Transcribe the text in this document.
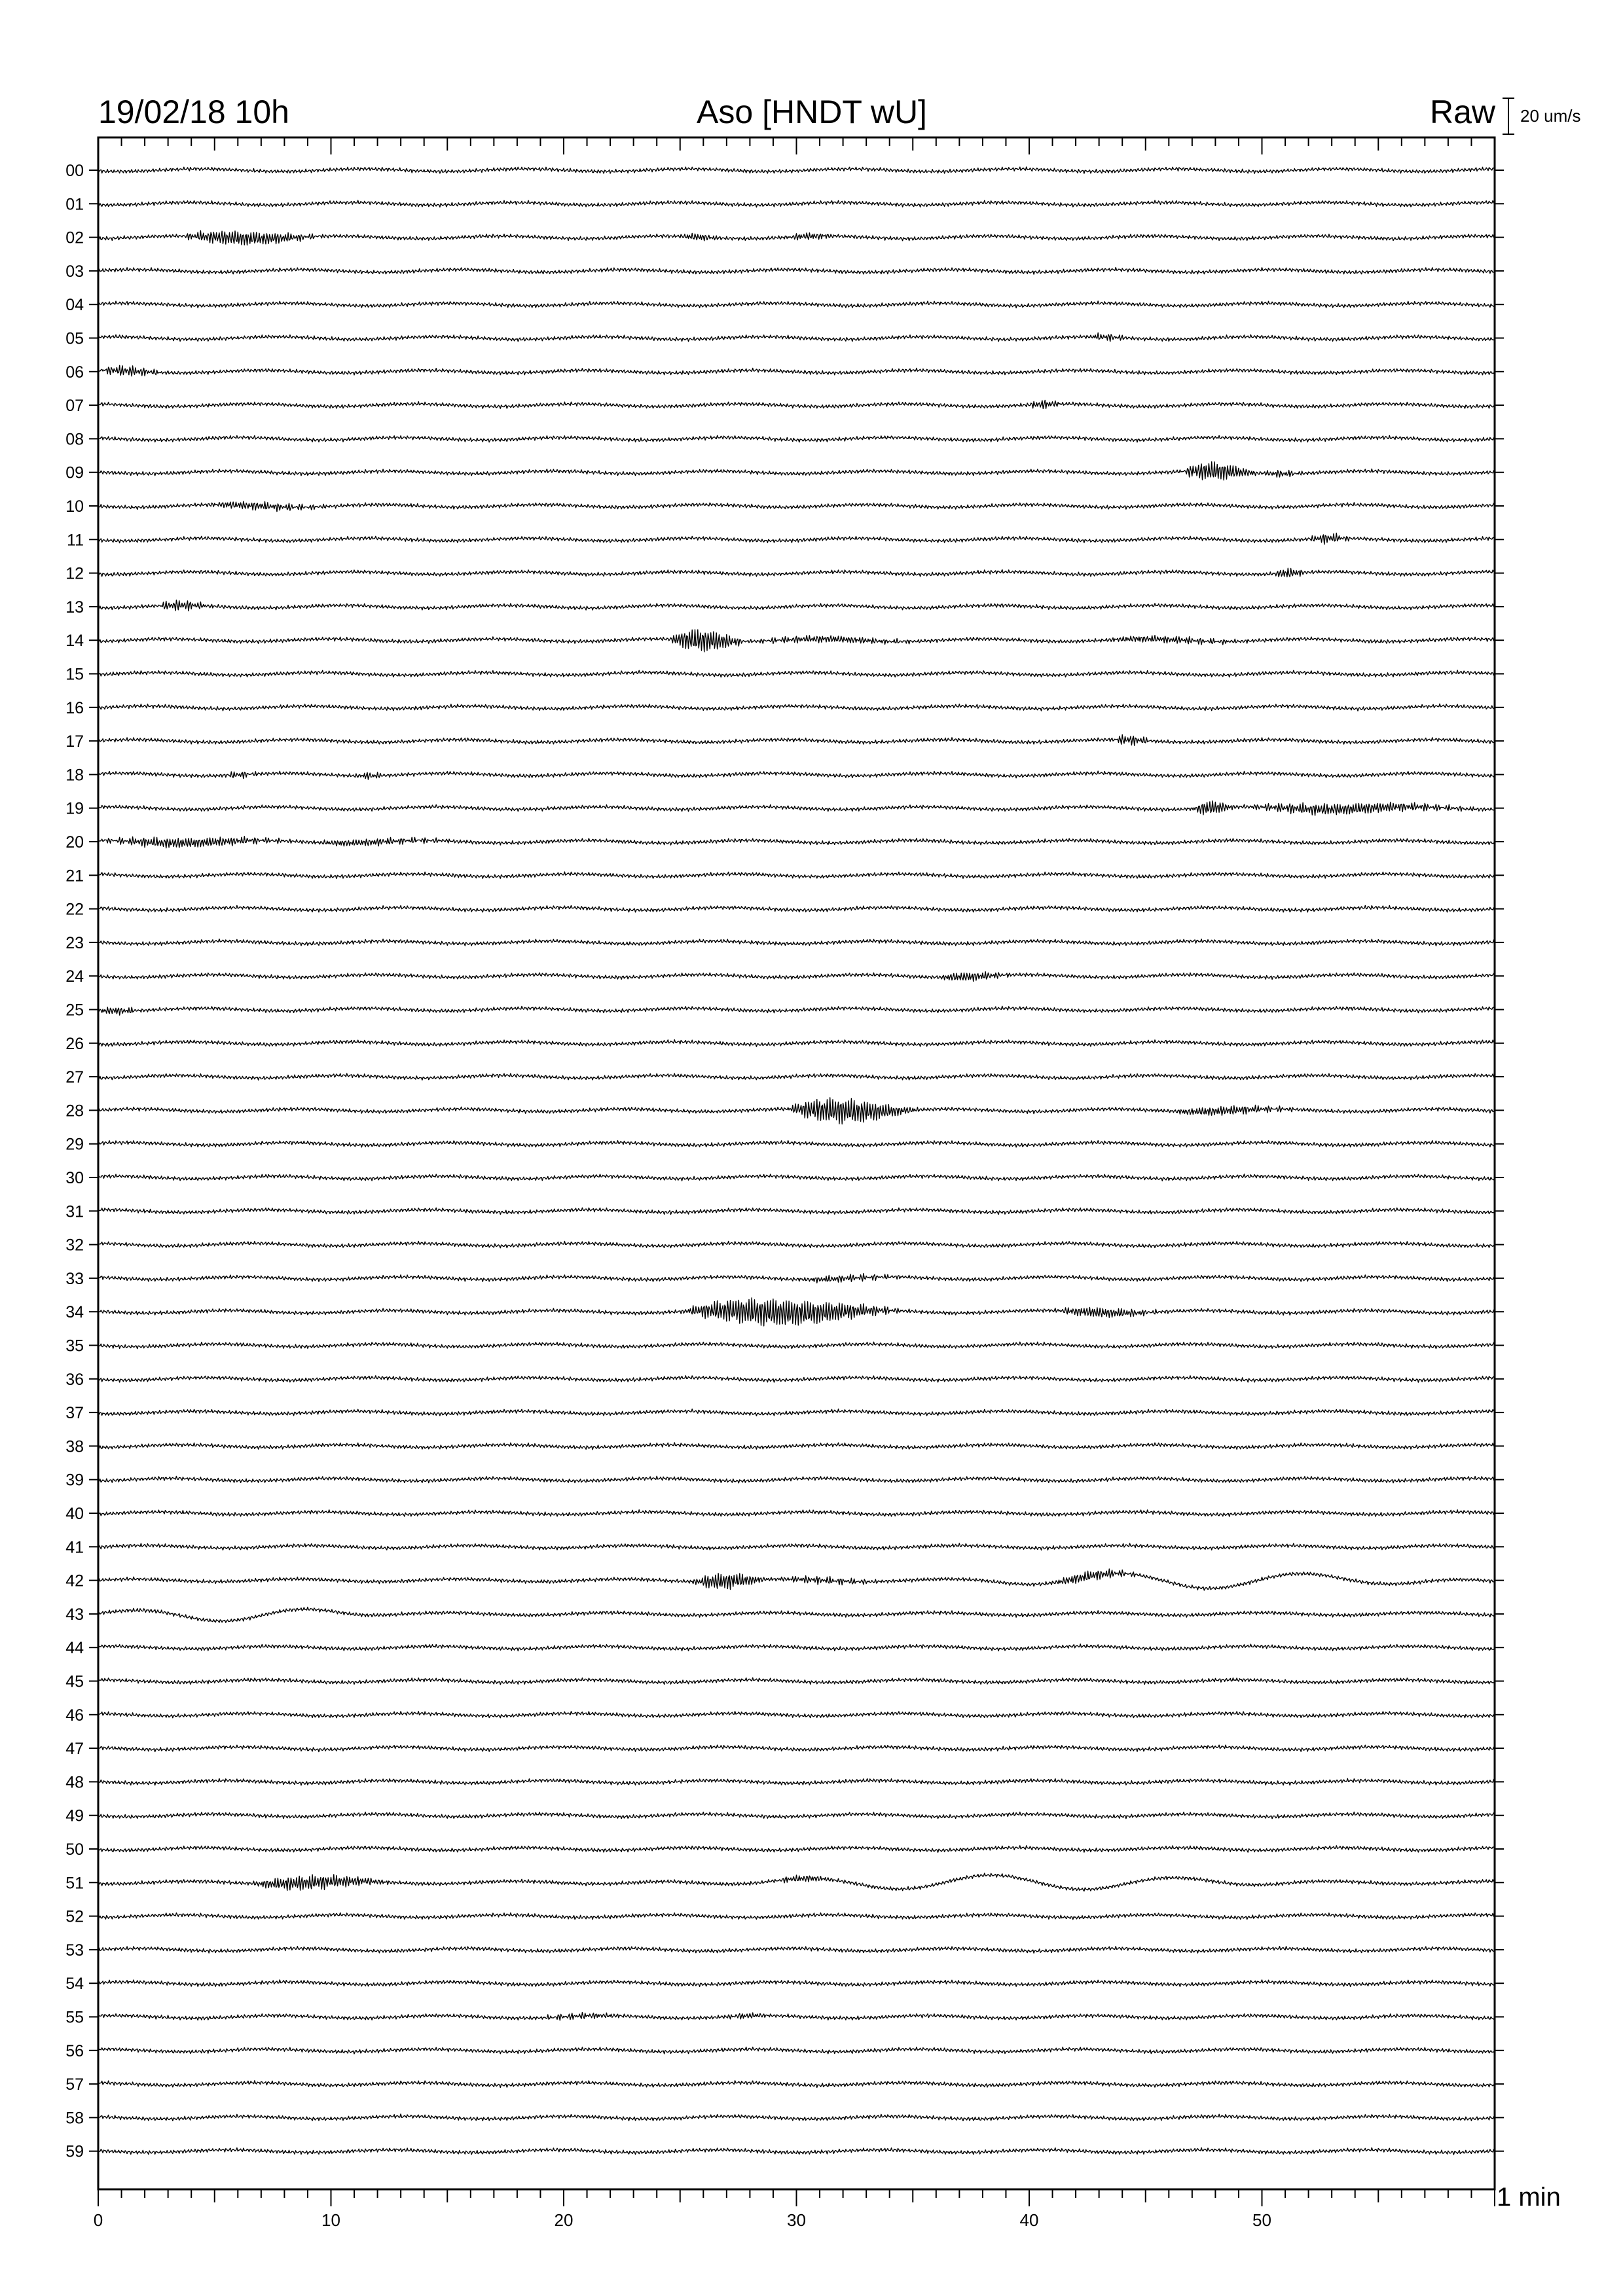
19/02/18 10h	Aso [HNDT wU]	Raw 20 um/s
1 min
0	10	20	30	40	50
00
01
02
03
04
05
06
07
08
09
10
11
12
13
14
15
16
17
18
19
20
21
22
23
24
25
26
27
28
29
30
31
32
33
34
35
36
37
38
39
40
41
42
43
44
45
46
47
48
49
50
51
52
53
54
55
56
57
58
59
